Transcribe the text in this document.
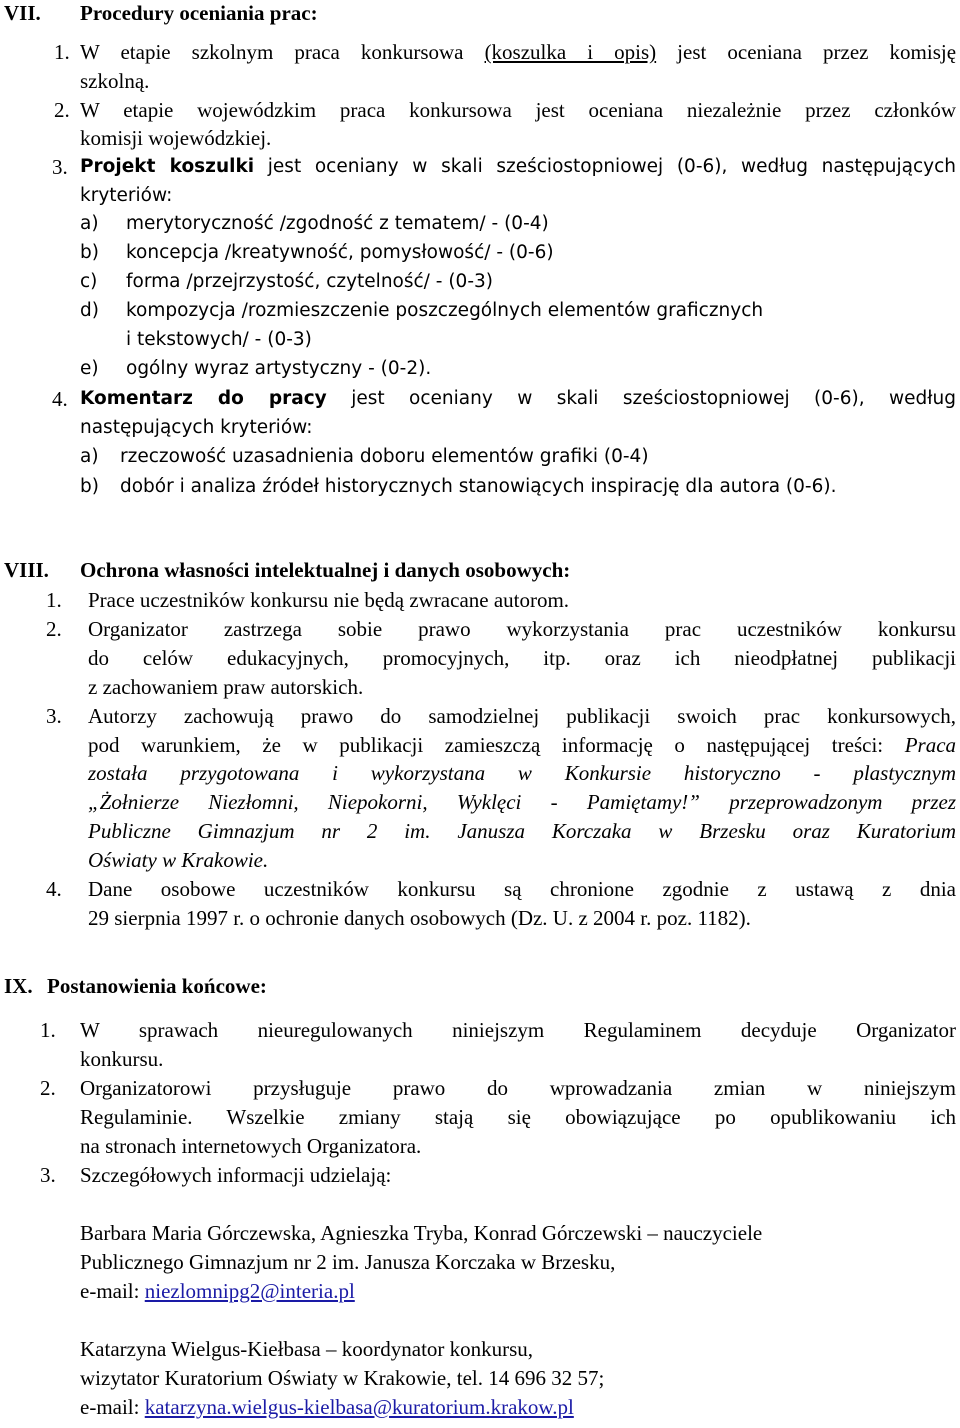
VII. Procedury oceniania prac:
1. W etapie szkolnym praca konkursowa (koszulka i opis) jest oceniana przez komisję
szkolną.
2. W etapie wojewódzkim praca konkursowa jest oceniana niezależnie przez członków
komisji wojewódzkiej.
3. Projekt koszulki jest oceniany w skali sześciostopniowej (0-6), według następujących
kryteriów:
a) merytoryczność /zgodność z tematem/ - (0-4)
b) koncepcja /kreatywność, pomysłowość/ - (0-6)
c) forma /przejrzystość, czytelność/ - (0-3)
d) kompozycja /rozmieszczenie poszczególnych elementów graficznych
i tekstowych/ - (0-3)
e) ogólny wyraz artystyczny - (0-2).
4. Komentarz do pracy jest oceniany w skali sześciostopniowej (0-6), według
następujących kryteriów:
a) rzeczowość uzasadnienia doboru elementów grafiki (0-4)
b) dobór i analiza źródeł historycznych stanowiących inspirację dla autora (0-6).
VIII. Ochrona własności intelektualnej i danych osobowych:
1. Prace uczestników konkursu nie będą zwracane autorom.
2. Organizator zastrzega sobie prawo wykorzystania prac uczestników konkursu
do celów edukacyjnych, promocyjnych, itp. oraz ich nieodpłatnej publikacji
z zachowaniem praw autorskich.
3. Autorzy zachowują prawo do samodzielnej publikacji swoich prac konkursowych,
pod warunkiem, że w publikacji zamieszczą informację o następującej treści: Praca
została przygotowana i wykorzystana w Konkursie historyczno - plastycznym
„Żołnierze Niezłomni, Niepokorni, Wyklęci - Pamiętamy!” przeprowadzonym przez
Publiczne Gimnazjum nr 2 im. Janusza Korczaka w Brzesku oraz Kuratorium
Oświaty w Krakowie.
4. Dane osobowe uczestników konkursu są chronione zgodnie z ustawą z dnia
29 sierpnia 1997 r. o ochronie danych osobowych (Dz. U. z 2004 r. poz. 1182).
IX. Postanowienia końcowe:
1. W sprawach nieuregulowanych niniejszym Regulaminem decyduje Organizator
konkursu.
2. Organizatorowi przysługuje prawo do wprowadzania zmian w niniejszym
Regulaminie. Wszelkie zmiany stają się obowiązujące po opublikowaniu ich
na stronach internetowych Organizatora.
3. Szczegółowych informacji udzielają:
Barbara Maria Górczewska, Agnieszka Tryba, Konrad Górczewski – nauczyciele
Publicznego Gimnazjum nr 2 im. Janusza Korczaka w Brzesku,
e-mail: niezlomnipg2@interia.pl
Katarzyna Wielgus-Kiełbasa – koordynator konkursu,
wizytator Kuratorium Oświaty w Krakowie, tel. 14 696 32 57;
e-mail: katarzyna.wielgus-kielbasa@kuratorium.krakow.pl
